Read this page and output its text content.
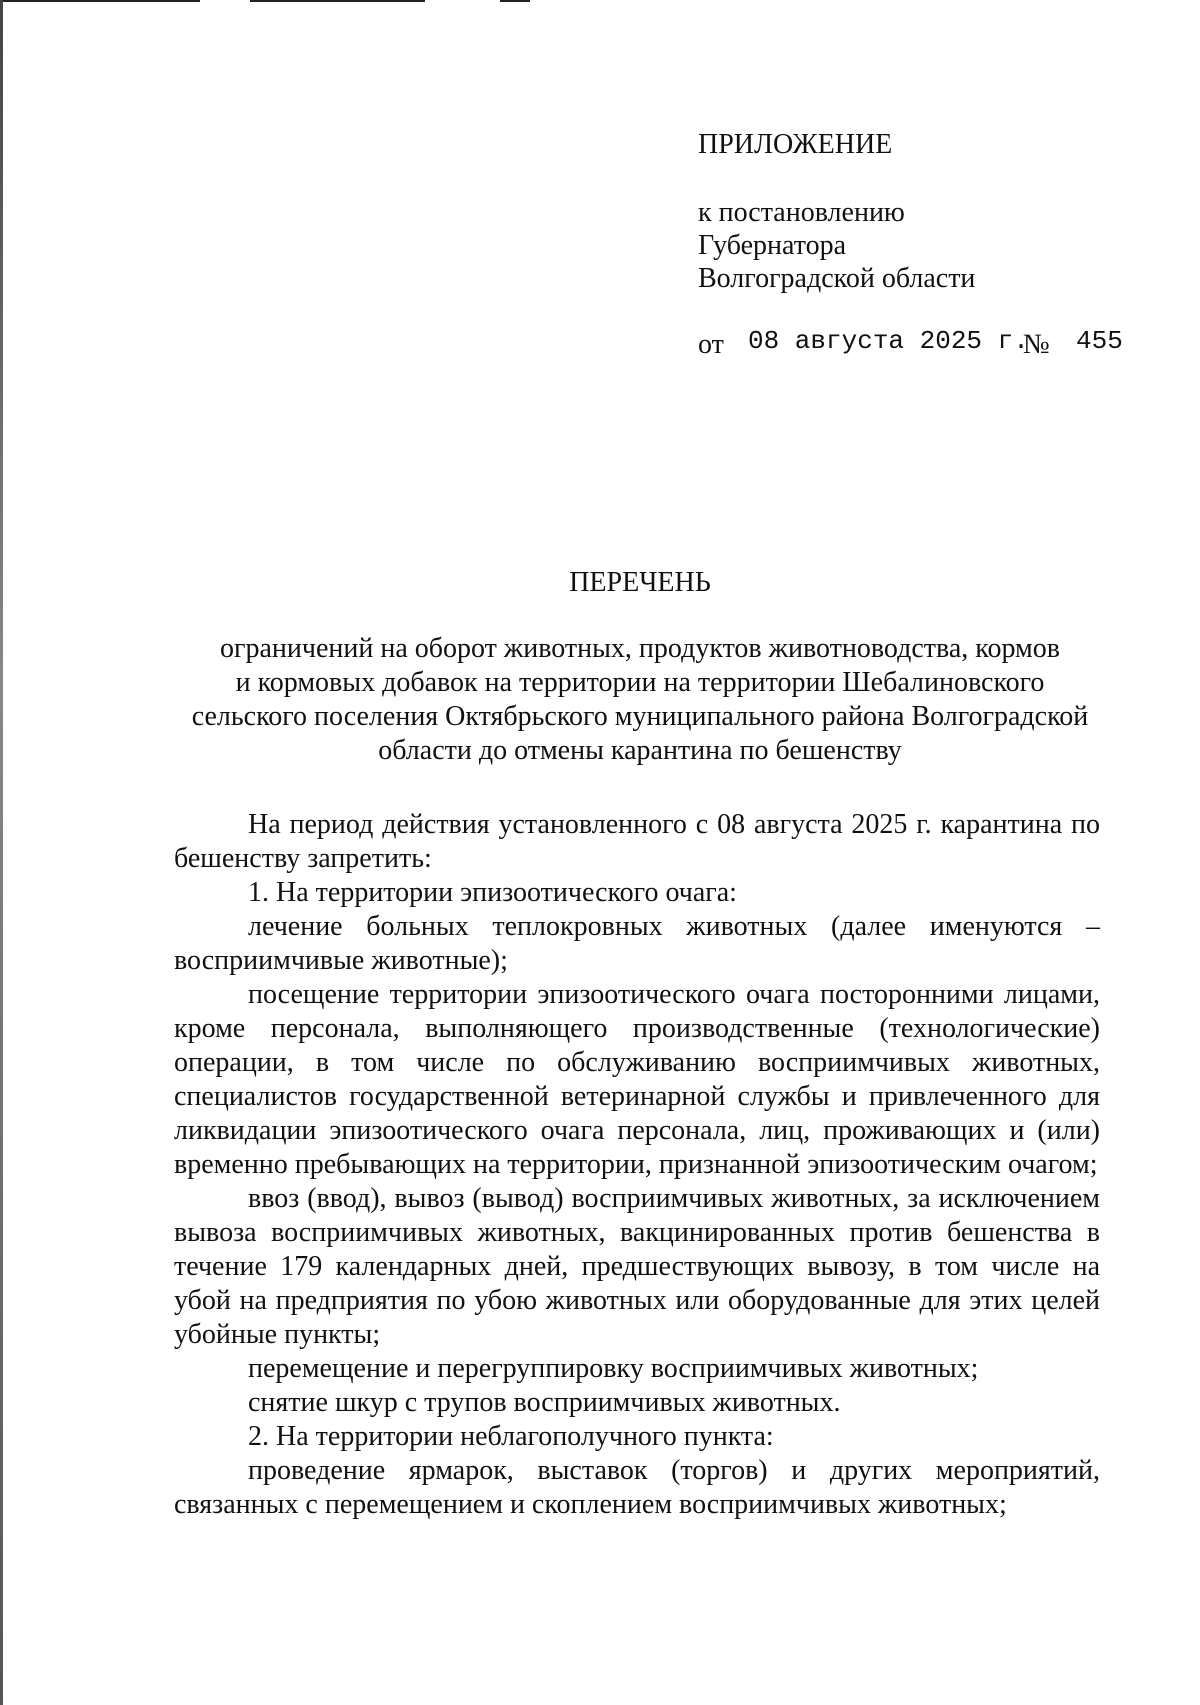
ПРИЛОЖЕНИЕ
к постановлению
Губернатора
Волгоградской области
от 08 августа 2025 г.
№ 455
ПЕРЕЧЕНЬ
ограничений на оборот животных, продуктов животноводства, кормов
и кормовых добавок на территории на территории Шебалиновского
сельского поселения Октябрьского муниципального района Волгоградской
области до отмены карантина по бешенству

На период действия установленного с 08 августа 2025 г. карантина по бешенству запретить:

1. На территории эпизоотического очага:

лечение больных теплокровных животных (далее именуются – восприимчивые животные);

посещение территории эпизоотического очага посторонними лицами, кроме персонала, выполняющего производственные (технологические) операции, в том числе по обслуживанию восприимчивых животных, специалистов государственной ветеринарной службы и привлеченного для ликвидации эпизоотического очага персонала, лиц, проживающих и (или) временно пребывающих на территории, признанной эпизоотическим очагом;

ввоз (ввод), вывоз (вывод) восприимчивых животных, за исключением вывоза восприимчивых животных, вакцинированных против бешенства в течение 179 календарных дней, предшествующих вывозу, в том числе на убой на предприятия по убою животных или оборудованные для этих целей убойные пункты;

перемещение и перегруппировку восприимчивых животных;

снятие шкур с трупов восприимчивых животных.

2. На территории неблагополучного пункта:

проведение ярмарок, выставок (торгов) и других мероприятий, связанных с перемещением и скоплением восприимчивых животных;
